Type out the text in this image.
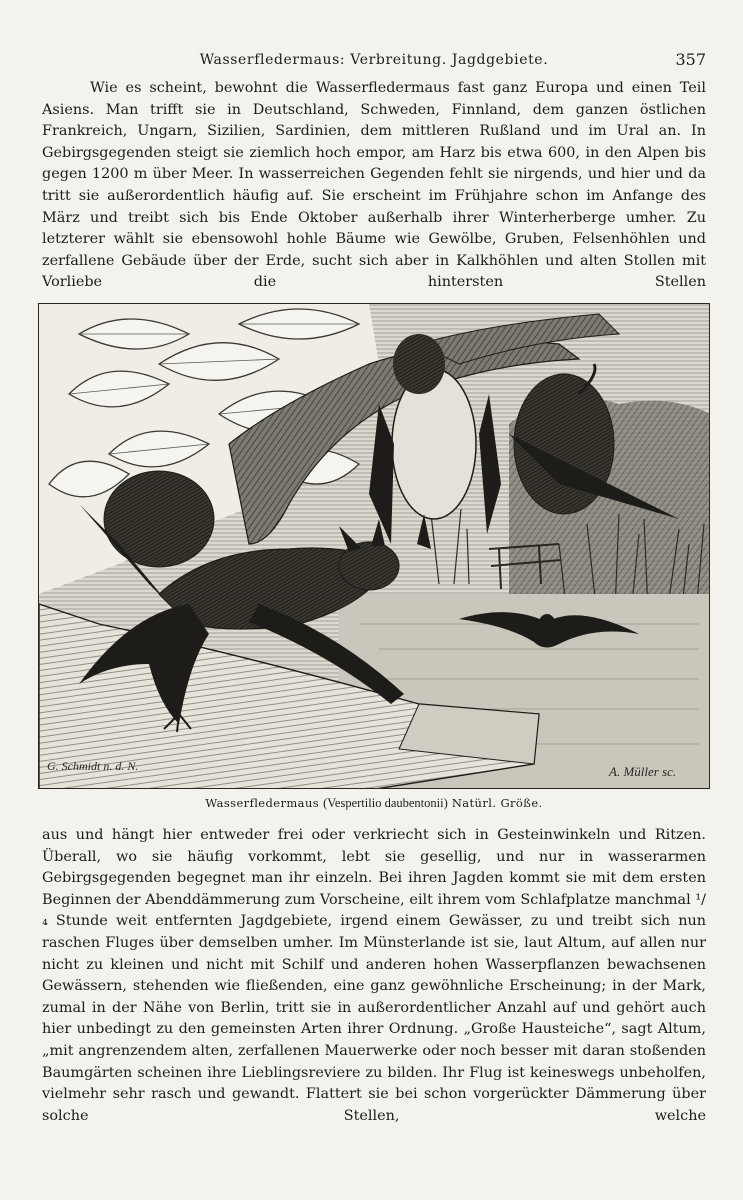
Wasserfledermaus: Verbreitung. Jagdgebiete.	357

Wie es scheint, bewohnt die Wasserfledermaus fast ganz Europa und einen Teil Asiens. Man trifft sie in Deutschland, Schweden, Finnland, dem ganzen östlichen Frankreich, Ungarn, Sizilien, Sardinien, dem mittleren Rußland und im Ural an. In Gebirgsgegenden steigt sie ziemlich hoch empor, am Harz bis etwa 600, in den Alpen bis gegen 1200 m über Meer. In wasserreichen Gegenden fehlt sie nirgends, und hier und da tritt sie außerordentlich häufig auf. Sie erscheint im Frühjahre schon im Anfange des März und treibt sich bis Ende Oktober außerhalb ihrer Winterherberge umher. Zu letzterer wählt sie ebensowohl hohle Bäume wie Gewölbe, Gruben, Felsenhöhlen und zerfallene Gebäude über der Erde, sucht sich aber in Kalkhöhlen und alten Stollen mit Vorliebe die hintersten Stellen

G. Schmidt n. d. N.	A. Müller sc.
Wasserfledermaus (Vespertilio daubentonii) Natürl. Größe.

aus und hängt hier entweder frei oder verkriecht sich in Gesteinwinkeln und Ritzen. Überall, wo sie häufig vorkommt, lebt sie gesellig, und nur in wasserarmen Gebirgsgegenden begegnet man ihr einzeln. Bei ihren Jagden kommt sie mit dem ersten Beginnen der Abenddämmerung zum Vorscheine, eilt ihrem vom Schlafplatze manchmal ¹/₄ Stunde weit entfernten Jagdgebiete, irgend einem Gewässer, zu und treibt sich nun raschen Fluges über demselben umher. Im Münsterlande ist sie, laut Altum, auf allen nur nicht zu kleinen und nicht mit Schilf und anderen hohen Wasserpflanzen bewachsenen Gewässern, stehenden wie fließenden, eine ganz gewöhnliche Erscheinung; in der Mark, zumal in der Nähe von Berlin, tritt sie in außerordentlicher Anzahl auf und gehört auch hier unbedingt zu den gemeinsten Arten ihrer Ordnung. „Große Hausteiche“, sagt Altum, „mit angrenzendem alten, zerfallenen Mauerwerke oder noch besser mit daran stoßenden Baumgärten scheinen ihre Lieblingsreviere zu bilden. Ihr Flug ist keineswegs unbeholfen, vielmehr sehr rasch und gewandt. Flattert sie bei schon vorgerückter Dämmerung über solche Stellen, welche
